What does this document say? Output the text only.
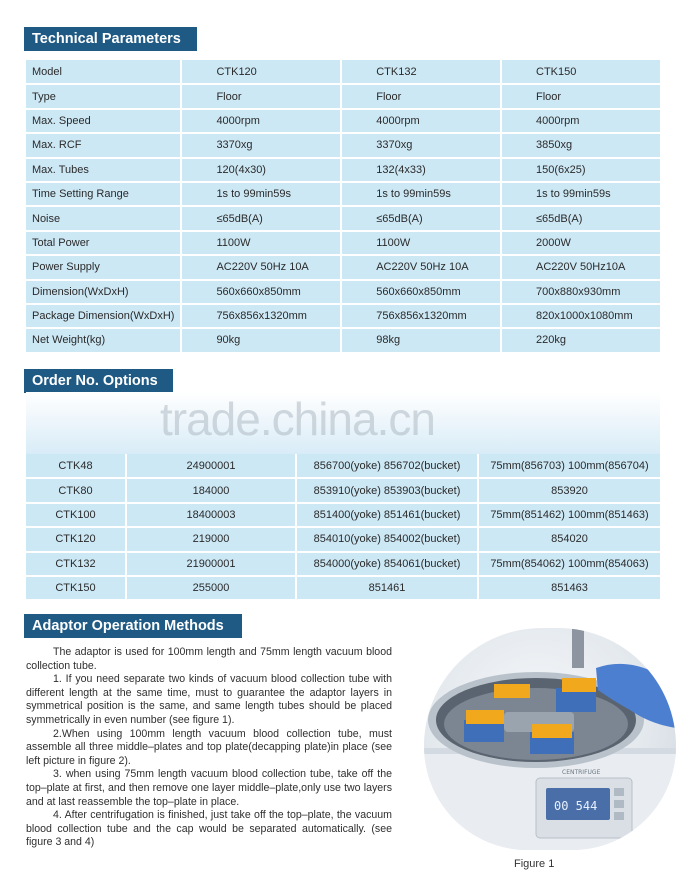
Technical Parameters
Model	CTK120	CTK132	CTK150
Type	Floor	Floor	Floor
Max. Speed	4000rpm	4000rpm	4000rpm
Max. RCF	3370xg	3370xg	3850xg
Max. Tubes	120(4x30)	132(4x33)	150(6x25)
Time Setting Range	1s to 99min59s	1s to 99min59s	1s to 99min59s
Noise	≤65dB(A)	≤65dB(A)	≤65dB(A)
Total Power	1100W	1100W	2000W
Power Supply	AC220V 50Hz 10A	AC220V 50Hz 10A	AC220V 50Hz10A
Dimension(WxDxH)	560x660x850mm	560x660x850mm	700x880x930mm
Package Dimension(WxDxH)	756x856x1320mm	756x856x1320mm	820x1000x1080mm
Net Weight(kg)	90kg	98kg	220kg
Order No. Options
trade.china.cn
CTK48	24900001	856700(yoke) 856702(bucket)	75mm(856703) 100mm(856704)
CTK80	184000	853910(yoke) 853903(bucket)	853920
CTK100	18400003	851400(yoke) 851461(bucket)	75mm(851462) 100mm(851463)
CTK120	219000	854010(yoke) 854002(bucket)	854020
CTK132	21900001	854000(yoke) 854061(bucket)	75mm(854062) 100mm(854063)
CTK150	255000	851461	851463
Adaptor Operation Methods

The adaptor is used for 100mm length and 75mm length vacuum blood collection tube.

1. If you need separate two kinds of vacuum blood collection tube with different length at the same time, must to guarantee the adaptor layers in symmetrical position is the same, and same length tubes should be placed symmetrically in even number (see figure 1).

2.When using 100mm length vacuum blood collection tube, must assemble all three middle–plates and top plate(decapping plate)in place (see left picture in figure 2).

3. when using 75mm length vacuum blood collection tube, take off the top–plate at first, and then remove one layer middle–plate,only use two layers and at last reassemble the top–plate in place.

4. After centrifugation is finished, just take off the top–plate, the vacuum blood collection tube and the cap would be separated automatically. (see figure 3 and 4)

CENTRIFUGE
00 544
Figure 1
